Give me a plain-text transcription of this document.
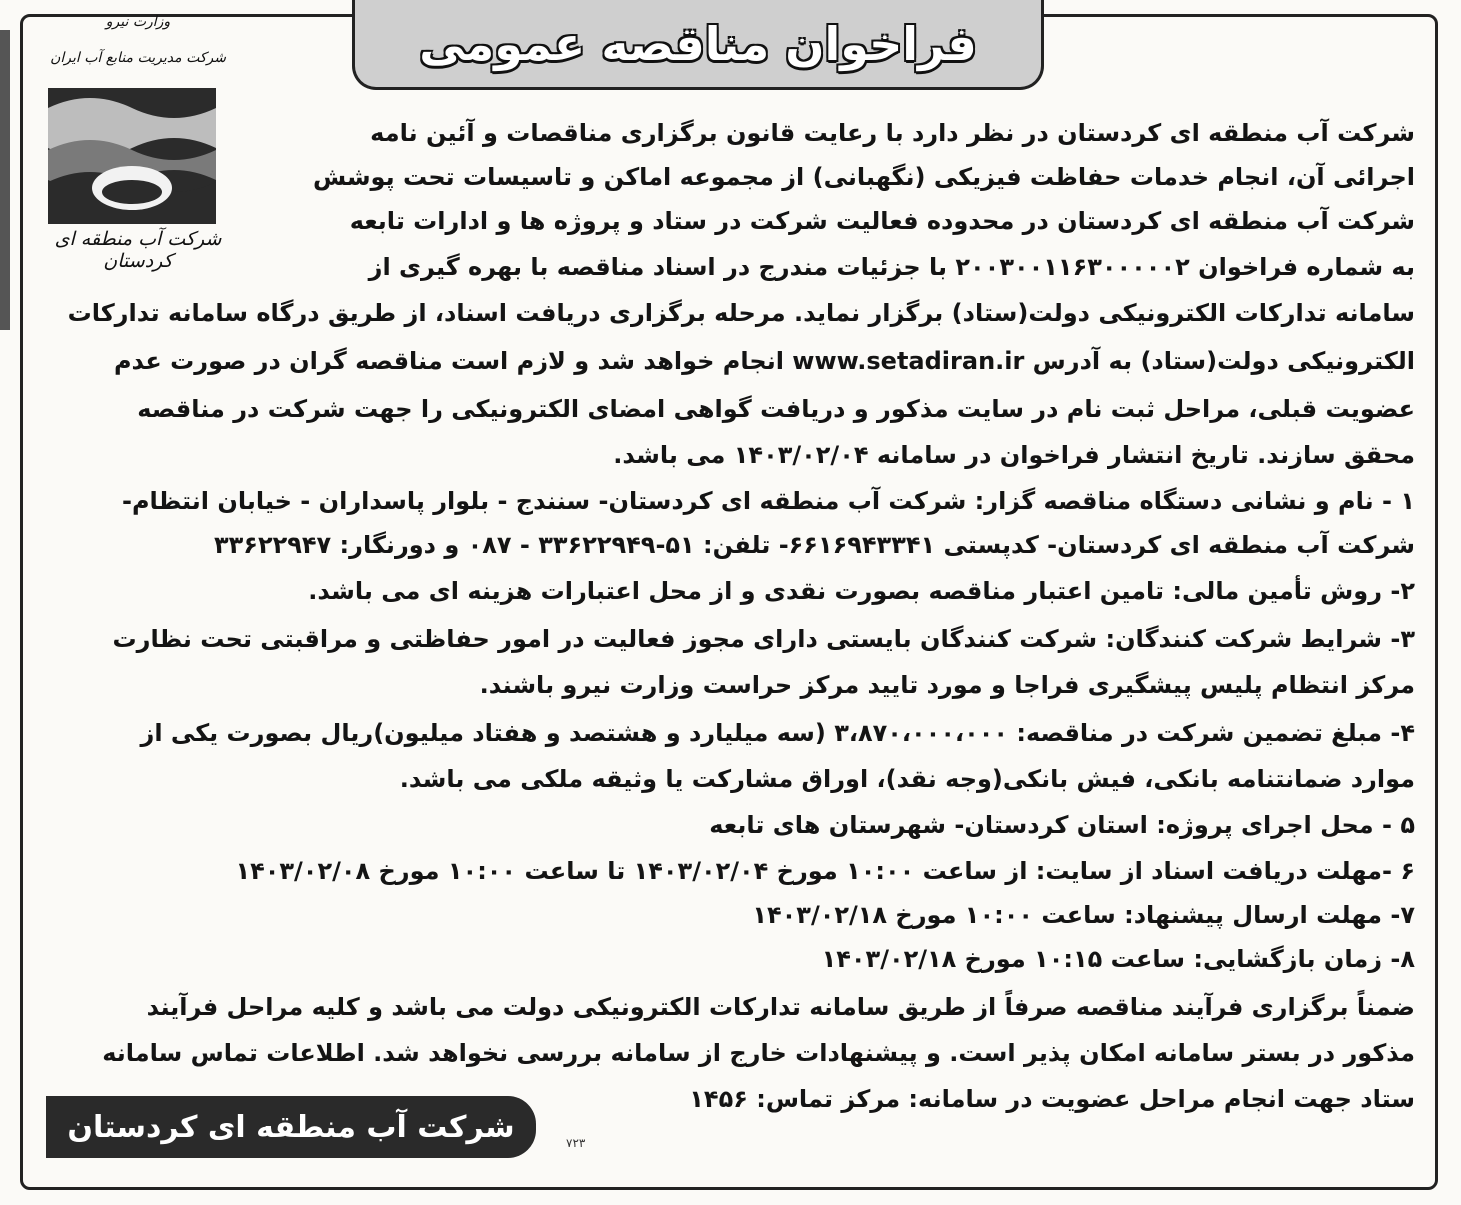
فراخوان مناقصه عمومی
وزارت نیرو
شرکت مدیریت منابع آب ایران
شرکت آب منطقه ای کردستان
شرکت آب منطقه ای کردستان در نظر دارد با رعایت قانون برگزاری مناقصات و آئین نامه
اجرائی آن، انجام خدمات حفاظت فیزیکی (نگهبانی) از مجموعه اماکن و تاسیسات تحت پوشش
شرکت آب منطقه ای کردستان در محدوده فعالیت شرکت در ستاد و پروژه ها و ادارات تابعه
به شماره فراخوان ۲۰۰۳۰۰۱۱۶۳۰۰۰۰۰۲ با جزئیات مندرج در اسناد مناقصه با بهره گیری از
سامانه تدارکات الکترونیکی دولت(ستاد) برگزار نماید. مرحله برگزاری دریافت اسناد، از طریق درگاه سامانه تدارکات
الکترونیکی دولت(ستاد) به آدرس www.setadiran.ir انجام خواهد شد و لازم است مناقصه گران در صورت عدم
عضویت قبلی، مراحل ثبت نام در سایت مذکور و دریافت گواهی امضای الکترونیکی را جهت شرکت در مناقصه
محقق سازند. تاریخ انتشار فراخوان در سامانه ۱۴۰۳/۰۲/۰۴ می باشد.
۱ - نام و نشانی دستگاه مناقصه گزار: شرکت آب منطقه ای کردستان- سنندج - بلوار پاسداران - خیابان انتظام-
شرکت آب منطقه ای کردستان- کدپستی ۶۶۱۶۹۴۳۳۴۱- تلفن: ۵۱-۳۳۶۲۲۹۴۹ - ۰۸۷ و دورنگار: ۳۳۶۲۲۹۴۷
۲- روش تأمین مالی: تامین اعتبار مناقصه بصورت نقدی و از محل اعتبارات هزینه ای می باشد.
۳- شرایط شرکت کنندگان: شرکت کنندگان بایستی دارای مجوز فعالیت در امور حفاظتی و مراقبتی تحت نظارت
مرکز انتظام پلیس پیشگیری فراجا و مورد تایید مرکز حراست وزارت نیرو باشند.
۴- مبلغ تضمین شرکت در مناقصه: ۳،۸۷۰،۰۰۰،۰۰۰ (سه میلیارد و هشتصد و هفتاد میلیون)ریال بصورت یکی از
موارد ضمانتنامه بانکی، فیش بانکی(وجه نقد)، اوراق مشارکت یا وثیقه ملکی می باشد.
۵ - محل اجرای پروژه: استان کردستان- شهرستان های تابعه
۶ -مهلت دریافت اسناد از سایت: از ساعت ۱۰:۰۰ مورخ ۱۴۰۳/۰۲/۰۴ تا ساعت ۱۰:۰۰ مورخ ۱۴۰۳/۰۲/۰۸
۷- مهلت ارسال پیشنهاد: ساعت ۱۰:۰۰ مورخ ۱۴۰۳/۰۲/۱۸
۸- زمان بازگشایی: ساعت ۱۰:۱۵ مورخ ۱۴۰۳/۰۲/۱۸
ضمناً برگزاری فرآیند مناقصه صرفاً از طریق سامانه تدارکات الکترونیکی دولت می باشد و کلیه مراحل فرآیند
مذکور در بستر سامانه امکان پذیر است. و پیشنهادات خارج از سامانه بررسی نخواهد شد. اطلاعات تماس سامانه
ستاد جهت انجام مراحل عضویت در سامانه: مرکز تماس: ۱۴۵۶
شرکت آب منطقه ای کردستان	۷۲۳
